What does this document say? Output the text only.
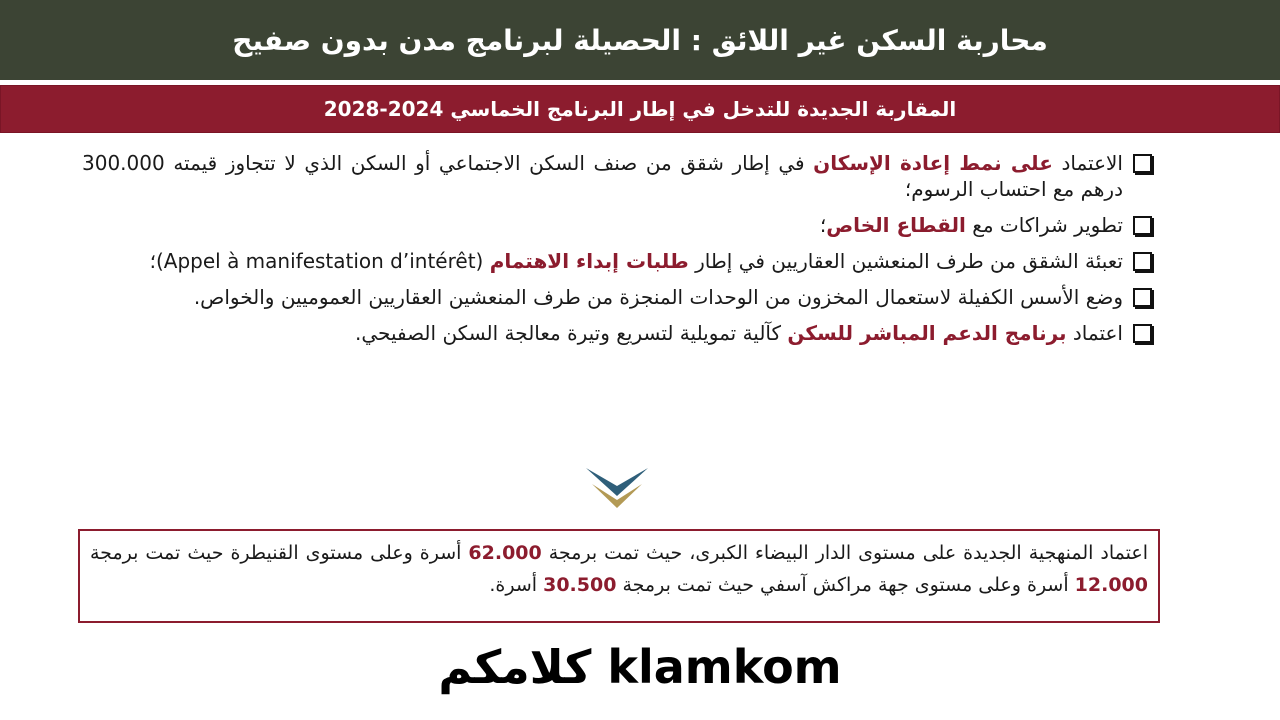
محاربة السكن غير اللائق : الحصيلة لبرنامج مدن بدون صفيح
المقاربة الجديدة للتدخل في إطار البرنامج الخماسي 2024-2028
الاعتماد على نمط إعادة الإسكان في إطار شقق من صنف السكن الاجتماعي أو السكن الذي لا تتجاوز قيمته 300.000 درهم مع احتساب الرسوم؛
تطوير شراكات مع القطاع الخاص؛
تعبئة الشقق من طرف المنعشين العقاريين في إطار طلبات إبداء الاهتمام (Appel à manifestation d’intérêt)؛
وضع الأسس الكفيلة لاستعمال المخزون من الوحدات المنجزة من طرف المنعشين العقاريين العموميين والخواص.
اعتماد برنامج الدعم المباشر للسكن كآلية تمويلية لتسريع وتيرة معالجة السكن الصفيحي.
اعتماد المنهجية الجديدة على مستوى الدار البيضاء الكبرى، حيث تمت برمجة 62.000 أسرة وعلى مستوى القنيطرة حيث تمت برمجة 12.000 أسرة وعلى مستوى جهة مراكش آسفي حيث تمت برمجة 30.500 أسرة.
كلامكم klamkom
